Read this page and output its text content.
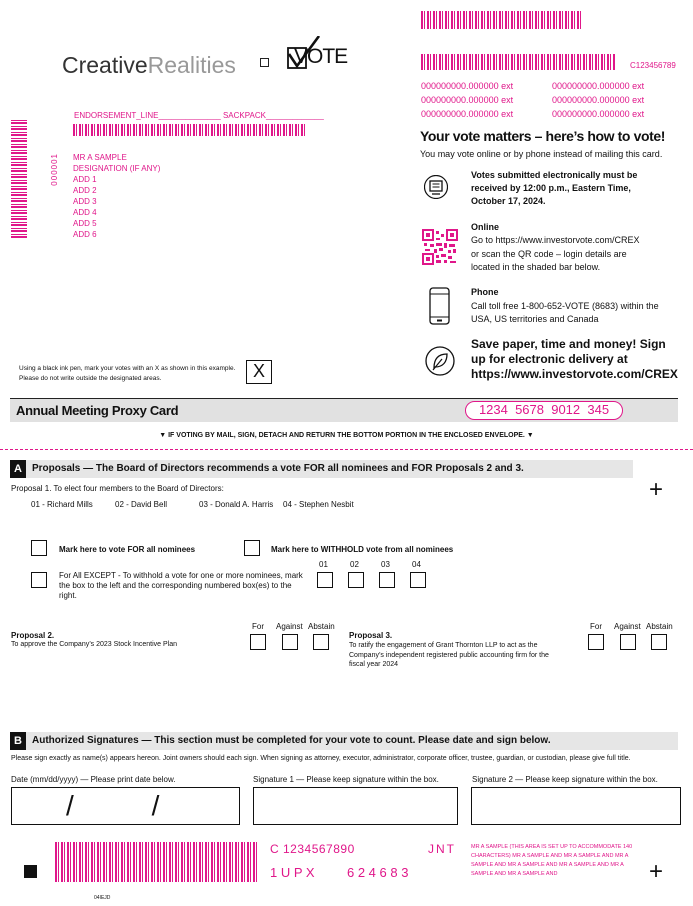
C123456789
CreativeRealities	VOTE
000000000.000000 ext	000000000.000000 ext
000000000.000000 ext	000000000.000000 ext
000000000.000000 ext	000000000.000000 ext
ENDORSEMENT_LINE______________ SACKPACK_____________
000001 MR A SAMPLE
DESIGNATION (IF ANY)
ADD 1
ADD 2
ADD 3
ADD 4
ADD 5
ADD 6
Your vote matters – here’s how to vote!
You may vote online or by phone instead of mailing this card.
Votes submitted electronically must be received by 12:00 p.m., Eastern Time, October 17, 2024.
Online
Go to https://www.investorvote.com/CREX
or scan the QR code – login details are located in the shaded bar below.
Phone
Call toll free 1-800-652-VOTE (8683) within the USA, US territories and Canada
Save paper, time and money! Sign up for electronic delivery at https://www.investorvote.com/CREX
Using a black ink pen, mark your votes with an X as shown in this example.
Please do not write outside the designated areas.	X
Annual Meeting Proxy Card	1234  5678  9012  345
▼ IF VOTING BY MAIL, SIGN, DETACH AND RETURN THE BOTTOM PORTION IN THE ENCLOSED ENVELOPE. ▼
A	Proposals — The Board of Directors recommends a vote FOR all nominees and FOR Proposals 2 and 3.
+
Proposal 1. To elect four members to the Board of Directors:
01 - Richard Mills	02 - David Bell	03 - Donald A. Harris 04 - Stephen Nesbit
Mark here to vote FOR all nominees	Mark here to WITHHOLD vote from all nominees
For All EXCEPT - To withhold a vote for one or more nominees, mark the box to the left and the corresponding numbered box(es) to the right.
01	02	03	04
For Against Abstain
Proposal 2.
To approve the Company’s 2023 Stock Incentive Plan
Proposal 3.
To ratify the engagement of Grant Thornton LLP to act as the Company’s independent registered public accounting firm for the fiscal year 2024
For Against Abstain
B	Authorized Signatures — This section must be completed for your vote to count. Please date and sign below.
Please sign exactly as name(s) appears hereon. Joint owners should each sign. When signing as attorney, executor, administrator, corporate officer, trustee, guardian, or custodian, please give full title.
Date (mm/dd/yyyy) — Please print date below.	Signature 1 — Please keep signature within the box.	Signature 2 — Please keep signature within the box.
/          /
C 1234567890	JNT
1 U P X 6 2 4 6 8 3
MR A SAMPLE (THIS AREA IS SET UP TO ACCOMMODATE 140 CHARACTERS) MR A SAMPLE AND MR A SAMPLE AND MR A SAMPLE AND MR A SAMPLE AND MR A SAMPLE AND MR A SAMPLE AND MR A SAMPLE AND
04IEJD
+
